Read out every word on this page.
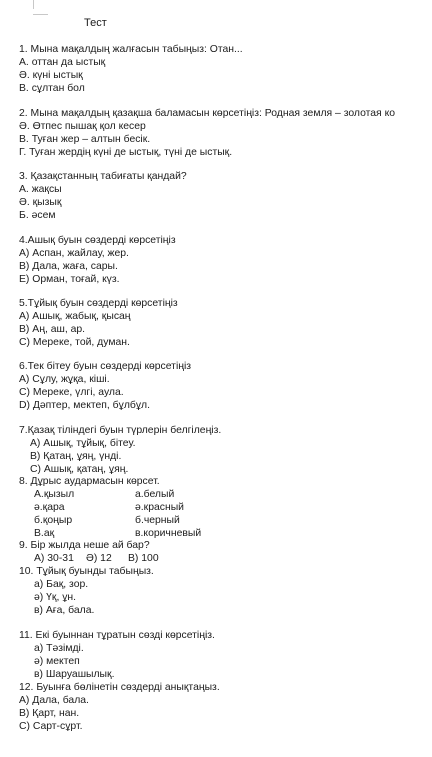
Тест
1. Мына мақалдың жалғасын табыңыз: Отан...
А. оттан да ыстық
Ә. күні ыстық
В. сұлтан бол
2. Мына мақалдың қазақша баламасын көрсетіңіз: Родная земля – золотая ко
Ә. Өтпес пышақ қол кесер
В. Туған жер – алтын бесік.
Г. Туған жердің күні де ыстық, түні де ыстық.
3. Қазақстанның табиғаты қандай?
А. жақсы
Ә. қызық
Б. әсем
4.Ашық буын сөздерді көрсетіңіз
А) Аспан, жайлау, жер.
В) Дала, жаға, сары.
Е) Орман, тоғай, күз.
5.Тұйық буын сөздерді көрсетіңіз
А) Ашық, жабық, қысаң
В) Аң, аш, ар.
С) Мереке, той, думан.
6.Тек бітеу буын сөздерді көрсетіңіз
А) Сұлу, жұқа, кіші.
С) Мереке, үлгі, аула.
D) Дәптер, мектеп, бұлбұл.
7.Қазақ тіліндегі буын түрлерін белгілеңіз.
А) Ашық, тұйық, бітеу.
В) Қатаң, ұяң, үнді.
С) Ашық, қатаң, ұяң.
8. Дұрыс аудармасын көрсет.
А.қызыл	а.белый
ә.қара	ә.красный
б.қоңыр	б.черный
В.ақ	в.коричневый
9. Бір жылда неше ай бар?
А) 30-31 Ә) 12 В) 100
10. Тұйық буынды табыңыз.
а) Бақ, зор.
ә) Үқ, ұн.
в) Аға, бала.
11. Екі буыннан тұратын сөзді көрсетіңіз.
а) Тәзімді.
ә) мектеп
в) Шаруашылық.
12. Буынға бөлінетін сөздерді анықтаңыз.
А) Дала, бала.
В) Қарт, нан.
С) Сарт-сұрт.
